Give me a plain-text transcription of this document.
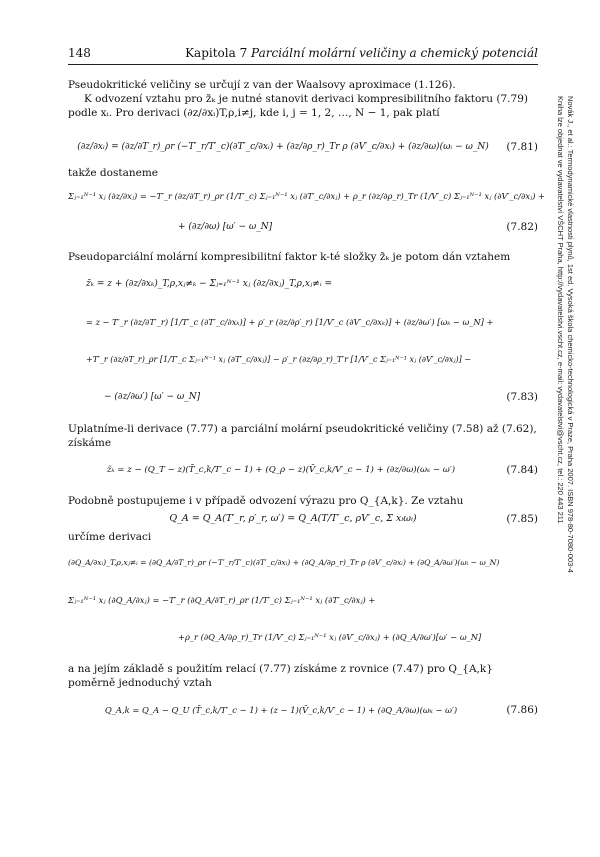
148	Kapitola 7 Parciální molární veličiny a chemický potenciál

Pseudokritické veličiny se určují z van der Waalsovy aproximace (1.126).

K odvození vztahu pro z̃ₖ je nutné stanovit derivaci kompresibilitního faktoru (7.79) podle xᵢ. Pro derivaci (∂z/∂xᵢ)T,ρ,i≠j, kde i, j = 1, 2, …, N − 1, pak platí

(∂z/∂xᵢ) = (∂z/∂T_r)_ρr (−T′_r/T′_c)(∂T′_c/∂xᵢ) + (∂z/∂ρ_r)_Tr ρ (∂V′_c/∂xᵢ) + (∂z/∂ω)(ωᵢ − ω_N)	(7.81)

takže dostaneme

Σⱼ₌₁ᴺ⁻¹ xⱼ (∂z/∂xⱼ) = −T′_r (∂z/∂T_r)_ρr (1/T′_c) Σⱼ₌₁ᴺ⁻¹ xⱼ (∂T′_c/∂xⱼ) + ρ_r (∂z/∂ρ_r)_Tr (1/V′_c) Σⱼ₌₁ᴺ⁻¹ xⱼ (∂V′_c/∂xⱼ) +
+ (∂z/∂ω) [ω′ − ω_N]	(7.82)

Pseudoparciální molární kompresibilitní faktor k-té složky z̃ₖ je potom dán vztahem

z̃ₖ = z + (∂z/∂xₖ)_T,ρ,xⱼ≠ₖ − Σⱼ₌₁ᴺ⁻¹ xⱼ (∂z/∂xⱼ)_T,ρ,xⱼ≠ᵢ =
= z − T′_r (∂z/∂T′_r) [1/T′_c (∂T′_c/∂xₖ)] + ρ′_r (∂z/∂ρ′_r) [1/V′_c (∂V′_c/∂xₖ)] + (∂z/∂ω′) [ωₖ − ω_N] +
+T′_r (∂z/∂T_r)_ρr [1/T′_c Σⱼ₌₁ᴺ⁻¹ xⱼ (∂T′_c/∂xⱼ)] − ρ′_r (∂z/∂ρ_r)_T′r [1/V′_c Σⱼ₌₁ᴺ⁻¹ xⱼ (∂V′_c/∂xⱼ)] −
− (∂z/∂ω′) [ω′ − ω_N]	(7.83)

Uplatníme-li derivace (7.77) a parciální molární pseudokritické veličiny (7.58) až (7.62), získáme

z̃ₖ = z − (Q_T − z)(T̄_c,k/T′_c − 1) + (Q_ρ − z)(V̄_c,k/V′_c − 1) + (∂z/∂ω)(ωₖ − ω′)	(7.84)

Podobně postupujeme i v případě odvození výrazu pro Q_{A,k}. Ze vztahu

Q_A = Q_A(T′_r, ρ′_r, ω′) = Q_A(T/T′_c, ρV′_c, Σ xᵢωᵢ)	(7.85)

určíme derivaci

(∂Q_A/∂xᵢ)_T,ρ,xⱼ≠ᵢ = (∂Q_A/∂T_r)_ρr (−T′_r/T′_c)(∂T′_c/∂xᵢ) + (∂Q_A/∂ρ_r)_Tr ρ (∂V′_c/∂xᵢ) + (∂Q_A/∂ω′)(ωᵢ − ω_N)
Σⱼ₌₁ᴺ⁻¹ xⱼ (∂Q_A/∂xⱼ) = −T′_r (∂Q_A/∂T_r)_ρr (1/T′_c) Σⱼ₌₁ᴺ⁻¹ xⱼ (∂T′_c/∂xⱼ) +
+ρ_r (∂Q_A/∂ρ_r)_Tr (1/V′_c) Σⱼ₌₁ᴺ⁻¹ xⱼ (∂V′_c/∂xⱼ) + (∂Q_A/∂ω′)[ω′ − ω_N]

a na jejím základě s použitím relací (7.77) získáme z rovnice (7.47) pro Q_{A,k} poměrně jednoduchý vztah

Q_A,k = Q_A − Q_U (T̄_c,k/T′_c − 1) + (z − 1)(V̄_c,k/V′_c − 1) + (∂Q_A/∂ω)(ωₖ − ω′)	(7.86)
Novák J., et al.: Termodynamické vlastnosti plynů, 1st ed. Vysoká škola chemicko-technologická v Praze, Praha 2007. ISBN 978-80-7080-003-4
Kniha lze objednat ve vydavatelství VŠCHT Praha, http://vydavatelstvi.vscht.cz, e-mail: vydavatelstvi@vscht.cz, tel.: 220 443 211
